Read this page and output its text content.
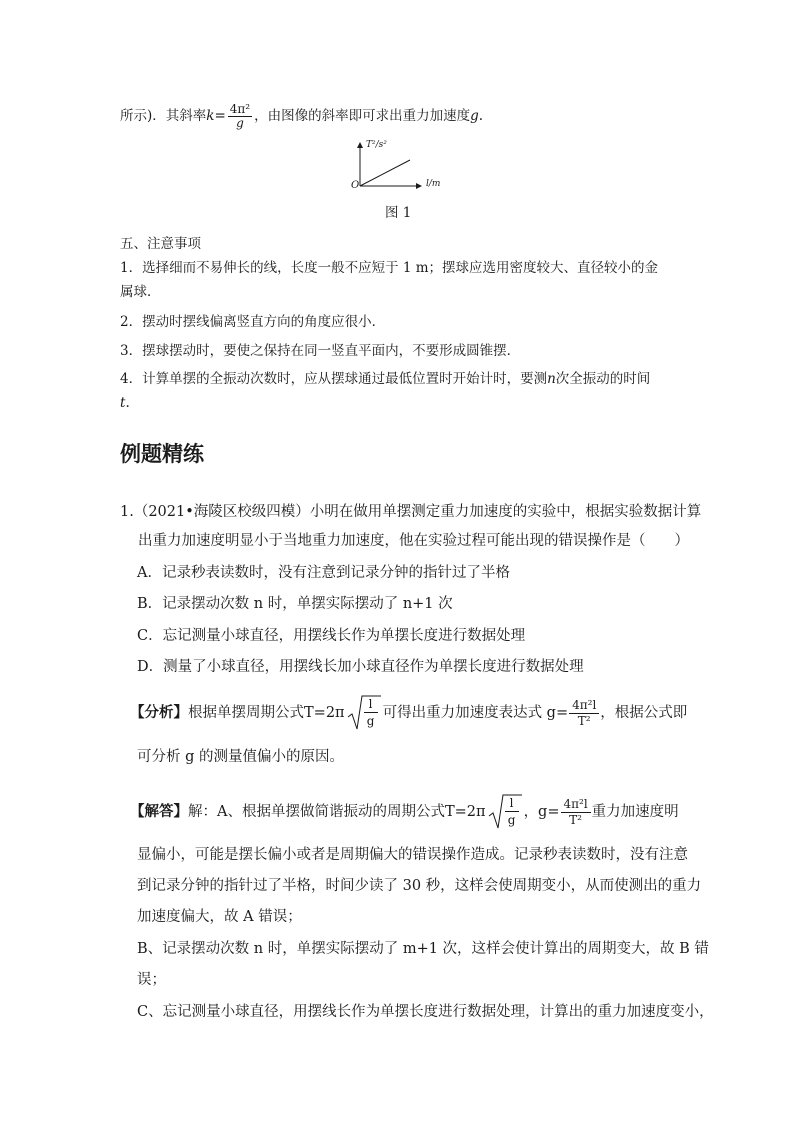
所示)．其斜率$k= \frac{\text{4π²}}{g}$ ，由图像的斜率即可求出重力加速度g.
T²/s²
l/m
O
图 1
五、注意事项
1．选择细而不易伸长的线，长度一般不应短于 1 m；摆球应选用密度较大、直径较小的金
属球．
2．摆动时摆线偏离竖直方向的角度应很小．
3．摆球摆动时，要使之保持在同一竖直平面内，不要形成圆锥摆．
4．计算单摆的全振动次数时，应从摆球通过最低位置时开始计时，要测n次全振动的时间
t.
例题精练
1.（2021•海陵区校级四模）小明在做用单摆测定重力加速度的实验中，根据实验数据计算
出重力加速度明显小于当地重力加速度，他在实验过程可能出现的错误操作是（　　）
A．记录秒表读数时，没有注意到记录分钟的指针过了半格
B．记录摆动次数 n 时，单摆实际摆动了 n+1 次
C．忘记测量小球直径，用摆线长作为单摆长度进行数据处理
D．测量了小球直径，用摆线长加小球直径作为单摆长度进行数据处理
【分析】 根据单摆周期公式 T=2π
l
g 可得出重力加速度表达式 $g= \frac{\text{4π²l}}{\text{T²}}$ ，根据公式即
可分析 g 的测量值偏小的原因。
【解答】 解：A、根据单摆做简谐振动的周期公式 T=2π
l
g ，$g= \frac{\text{4π²l}}{\text{T²}}$ 重力加速度明
显偏小，可能是摆长偏小或者是周期偏大的错误操作造成。记录秒表读数时，没有注意
到记录分钟的指针过了半格，时间少读了 30 秒，这样会使周期变小，从而使测出的重力
加速度偏大，故 A 错误；
B、记录摆动次数 n 时，单摆实际摆动了 m+1 次，这样会使计算出的周期变大，故 B 错
误；
C、忘记测量小球直径，用摆线长作为单摆长度进行数据处理，计算出的重力加速度变小，
